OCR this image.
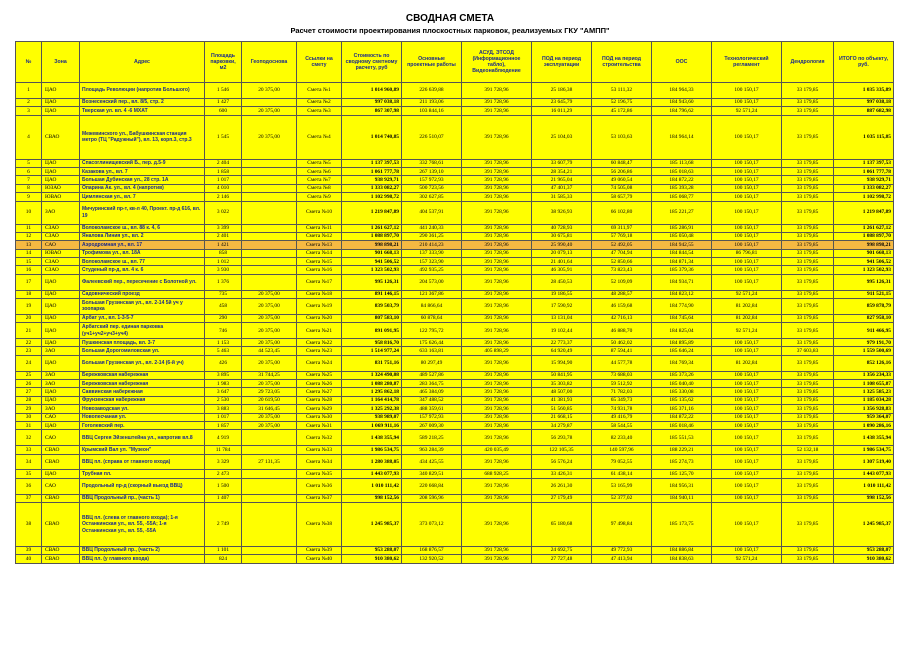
СВОДНАЯ СМЕТА
Расчет стоимости проектирования плоскостных парковок, реализуемых ГКУ "АМПП"
№	Зона	Адрес	Площадь парковки, м2	Геоподоснова	Ссылки на смету	Стоимость по сводному сметному расчету, руб	Основные проектные работы	АСУД, ЭТСОД (Информационное табло), Видеонаблюдение	ПОД на период эксплуатации	ПОД на период строительства	ООС	Технологический регламент	Дендрология	ИТОГО по объекту, руб.
1	ЦАО	Площадь Революции (напротив Большого)	1 546	20 375,00	Смета №1	1 014 960,89	226 639,88	391 728,96	25 186,38	53 111,32	184 964,33	100 150,17	33 179,85	1 035 335,89
2	ЦАО	Вознесенский пер., вл. 8/5, стр. 2	1 427		Смета №2	997 038,18	211 193,06	391 728,96	23 645,79	52 196,75	184 943,60	100 150,17	33 179,85	997 038,18
3	ЦАО	Тверская ул. вл. 4 -6 МХАТ	600	20 375,00	Смета №3	867 307,98	103 844,16	391 728,96	16 011,29	45 172,86	184 796,62	92 571,24	33 179,85	887 682,98
4	СВАО	Межевинского ул., Бабушкинская станция метро (ТЦ "Радужный"), вл. 13, корп.3, стр.3	1 545	20 375,00	Смета №4	1 014 740,85	226 510,07	391 728,96	25 104,03	53 103,63	184 964,14	100 150,17	33 179,85	1 035 115,85
5	ЦАО	Спасоглинищевский Б., пер. д.5-9	2 404		Смета №5	1 137 397,53	332 768,61	391 728,96	33 607,79	60 848,47	185 113,68	100 150,17	33 179,85	1 137 397,53
6	ЦАО	Казакова ул., вл. 7	1 858		Смета №6	1 061 777,78	267 139,10	391 728,96	28 354,21	56 206,86	185 018,63	100 150,17	33 179,85	1 061 777,78
7	ЦАО	Большая Дубинская ул., 28 стр. 1А	1 017		Смета №7	938 929,71	157 972,93	391 728,96	21 965,04	49 060,54	184 872,22	100 150,17	33 179,85	938 929,71
8	ЮЗАО	Опарина Ак. ул., вл. 4 (напротив)	4 010		Смета №8	1 333 082,27	500 723,56	391 728,96	47 401,37	74 505,08	185 393,28	100 150,17	33 179,85	1 333 082,27
9	ЮВАО	Цимлянская ул., вл. 7	2 146		Смета №9	1 102 998,72	302 627,85	391 728,96	31 585,33	58 657,79	185 068,77	100 150,17	33 179,85	1 102 998,72
10	ЗАО	Мичуринский пр-т, кв-л 40, Проект. пр-д 616, вл. 19	3 022		Смета №10	1 219 847,89	404 537,91	391 728,96	38 926,93	66 102,80	185 221,27	100 150,17	33 179,85	1 219 847,89
11	СЗАО	Волоколамское ш., вл. 88 к. 4, 6	3 399		Смета №11	1 261 627,12	441 240,33	391 728,96	40 728,93	69 311,97	185 286,91	100 150,17	33 179,85	1 261 627,12
12	СЗАО	Яналова Линия ул., вл. 2	2 401		Смета №12	1 088 897,70	290 361,25	391 728,96	30 675,81	57 769,18	185 050,48	100 150,17	33 179,85	1 088 897,70
13	САО	Аэродромная ул., вл. 17	1 421		Смета №13	998 898,21	210 414,23	391 728,96	25 990,40	52 492,05	184 942,55	100 150,17	33 179,85	998 898,21
14	ЮВАО	Трофимова ул., вл. 18А	858		Смета №14	901 668,13	137 333,90	391 728,96	20 079,13	47 704,94	184 844,54	86 796,81	33 179,85	901 668,13
15	СЗАО	Волоколамское ш., вл. 77	1 012		Смета №15	941 506,52	157 323,90	391 728,96	21 401,64	52 850,66	184 871,34	100 150,17	33 179,85	941 506,52
16	СЗАО	Студеный пр-д, вл. 4 к. 6	3 930		Смета №16	1 323 502,93	492 935,25	391 728,96	46 305,91	73 823,43	185 379,36	100 150,17	33 179,85	1 323 502,93
17	ЦАО	Фалеевский пер., пересечение с Болотной ул.	1 376		Смета №17	995 126,31	204 573,00	391 728,96	28 450,53	52 109,09	184 934,71	100 150,17	33 179,85	995 126,31
18	ЦАО	Садовнический проезд	735	20 375,00	Смета №18	891 146,15	121 367,86	391 728,96	19 186,55	48 288,57	184 823,12	92 571,24	33 179,85	911 521,15
19	ЦАО	Большая Грузинская ул., вл. 2-14 5й уч у зоопарка	458	20 375,00	Смета №19	839 503,79	84 866,64	391 728,96	17 590,92	46 159,68	184 774,90	81 202,84	33 179,85	859 878,79
20	ЦАО	Арбат ул., вл. 1-3-5-7	290	20 375,00	Смета №20	807 583,10	60 878,64	391 728,96	13 131,04	42 716,13	184 745,64	81 202,84	33 179,85	827 958,10
21	ЦАО	Арбатский пер. единая парковка (уч1+уч2+уч3+уч4)	746	20 375,00	Смета №21	891 091,95	122 795,72	391 728,96	19 102,44	46 888,70	184 825,04	92 571,24	33 179,85	911 466,95
22	ЦАО	Пушкинская площадь, вл. 3-7	1 153	20 375,00	Смета №22	958 816,70	175 626,44	391 728,96	22 773,37	50 462,02	184 895,89	100 150,17	33 179,85	979 191,70
23	ЗАО	Большая Дорогомиловская ул.	5 463	44 523,45	Смета №23	1 514 977,24	633 163,81	405 898,29	64 920,49	87 594,41	185 646,24	100 150,17	37 603,83	1 559 500,69
24	ЦАО	Большая Грузинская ул., вл. 2-14 (6-й уч)	426	20 375,00	Смета №24	831 751,16	80 297,49	391 728,96	15 994,90	44 577,78	184 769,34	81 202,84	33 179,85	852 126,16
25	ЗАО	Бережковская набережная	3 895	31 744,25	Смета №25	1 324 490,08	489 527,86	391 728,96	50 841,95	73 688,03	185 373,26	100 150,17	33 179,85	1 356 234,33
26	ЗАО	Бережковская набережная	1 983	20 375,00	Смета №26	1 088 280,87	283 364,75	391 728,96	35 303,82	59 512,92	185 040,40	100 150,17	33 179,85	1 108 655,87
27	ЦАО	Саввинская набережная	3 647	29 723,05	Смета №27	1 295 862,18	465 384,09	391 728,96	48 507,00	71 782,03	185 330,08	100 150,17	33 179,85	1 325 585,23
28	ЦАО	Фрунзенская набережная	2 530	20 619,50	Смета №28	1 164 414,78	347 488,52	391 728,96	41 381,93	65 349,73	185 135,62	100 150,17	33 179,85	1 185 034,28
29	ЗАО	Новозаводская ул.	3 883	31 646,45	Смета №29	1 325 292,38	488 359,61	391 728,96	51 560,85	74 931,78	185 371,16	100 150,17	33 179,85	1 356 928,83
30	САО	Новопесчаная ул.	1 017	20 375,00	Смета №30	938 989,07	157 972,93	391 728,96	21 668,15	49 416,79	184 872,22	100 150,17	33 179,85	959 364,07
31	ЦАО	Гоголевский пер.	1 857	20 375,00	Смета №31	1 069 911,16	267 009,30	391 728,96	34 279,87	58 544,55	185 018,46	100 150,17	33 179,85	1 090 286,16
32	САО	ВВЦ Сергея Эйзенштейна ул., напротив вл.8	4 919		Смета №32	1 438 355,94	589 218,25	391 728,96	56 293,78	82 233,40	185 551,53	100 150,17	33 179,85	1 438 355,94
33	СВАО	Крымский Вал ул. "Музеон"	11 784		Смета №33	1 986 534,75	963 284,39	420 035,49	122 105,35	140 597,96	188 229,21	100 150,17	52 132,18	1 986 534,75
34	СВАО	ВВЦ пл. (справа от главного входа)	3 329	27 131,35	Смета №34	1 280 388,05	434 425,55	391 728,96	56 576,24	79 052,55	185 274,73	100 150,17	33 179,85	1 307 519,40
35	ЦАО	Трубная пл.	2 473		Смета №35	1 443 077,93	340 829,51	688 928,25	33 426,31	61 438,14	185 125,70	100 150,17	33 179,85	1 443 077,93
36	САО	Продольный пр-д (скорный выезд ВВЦ)	1 500		Смета №36	1 010 111,42	220 668,84	391 728,96	26 261,30	53 165,99	184 956,31	100 150,17	33 179,85	1 010 111,42
37	СВАО	ВВЦ Продольный пр., (часть 1)	1 407		Смета №37	998 152,56	208 596,96	391 728,96	27 179,49	52 377,02	184 940,11	100 150,17	33 179,85	998 152,56
38	СВАО	ВВЦ пл. (слева от главного входа); 1-я Останкинская ул., вл. 55, -55А; 1-я Останкинская ул., вл. 55, -55А	2 749		Смета №38	1 245 985,37	373 073,12	391 728,96	65 180,68	97 498,84	185 173,75	100 150,17	33 179,85	1 245 985,37
39	СВАО	ВВЦ Продольный пр., (часть 2)	1 101		Смета №39	953 288,07	168 876,57	391 728,96	24 692,75	49 772,93	184 886,84	100 150,17	33 179,85	953 288,07
40	СВАО	ВВЦ пл. (у главного входа)	824		Смета №40	910 380,62	132 920,52	391 728,96	27 727,48	47 413,94	184 838,63	92 571,24	33 179,85	910 380,62
